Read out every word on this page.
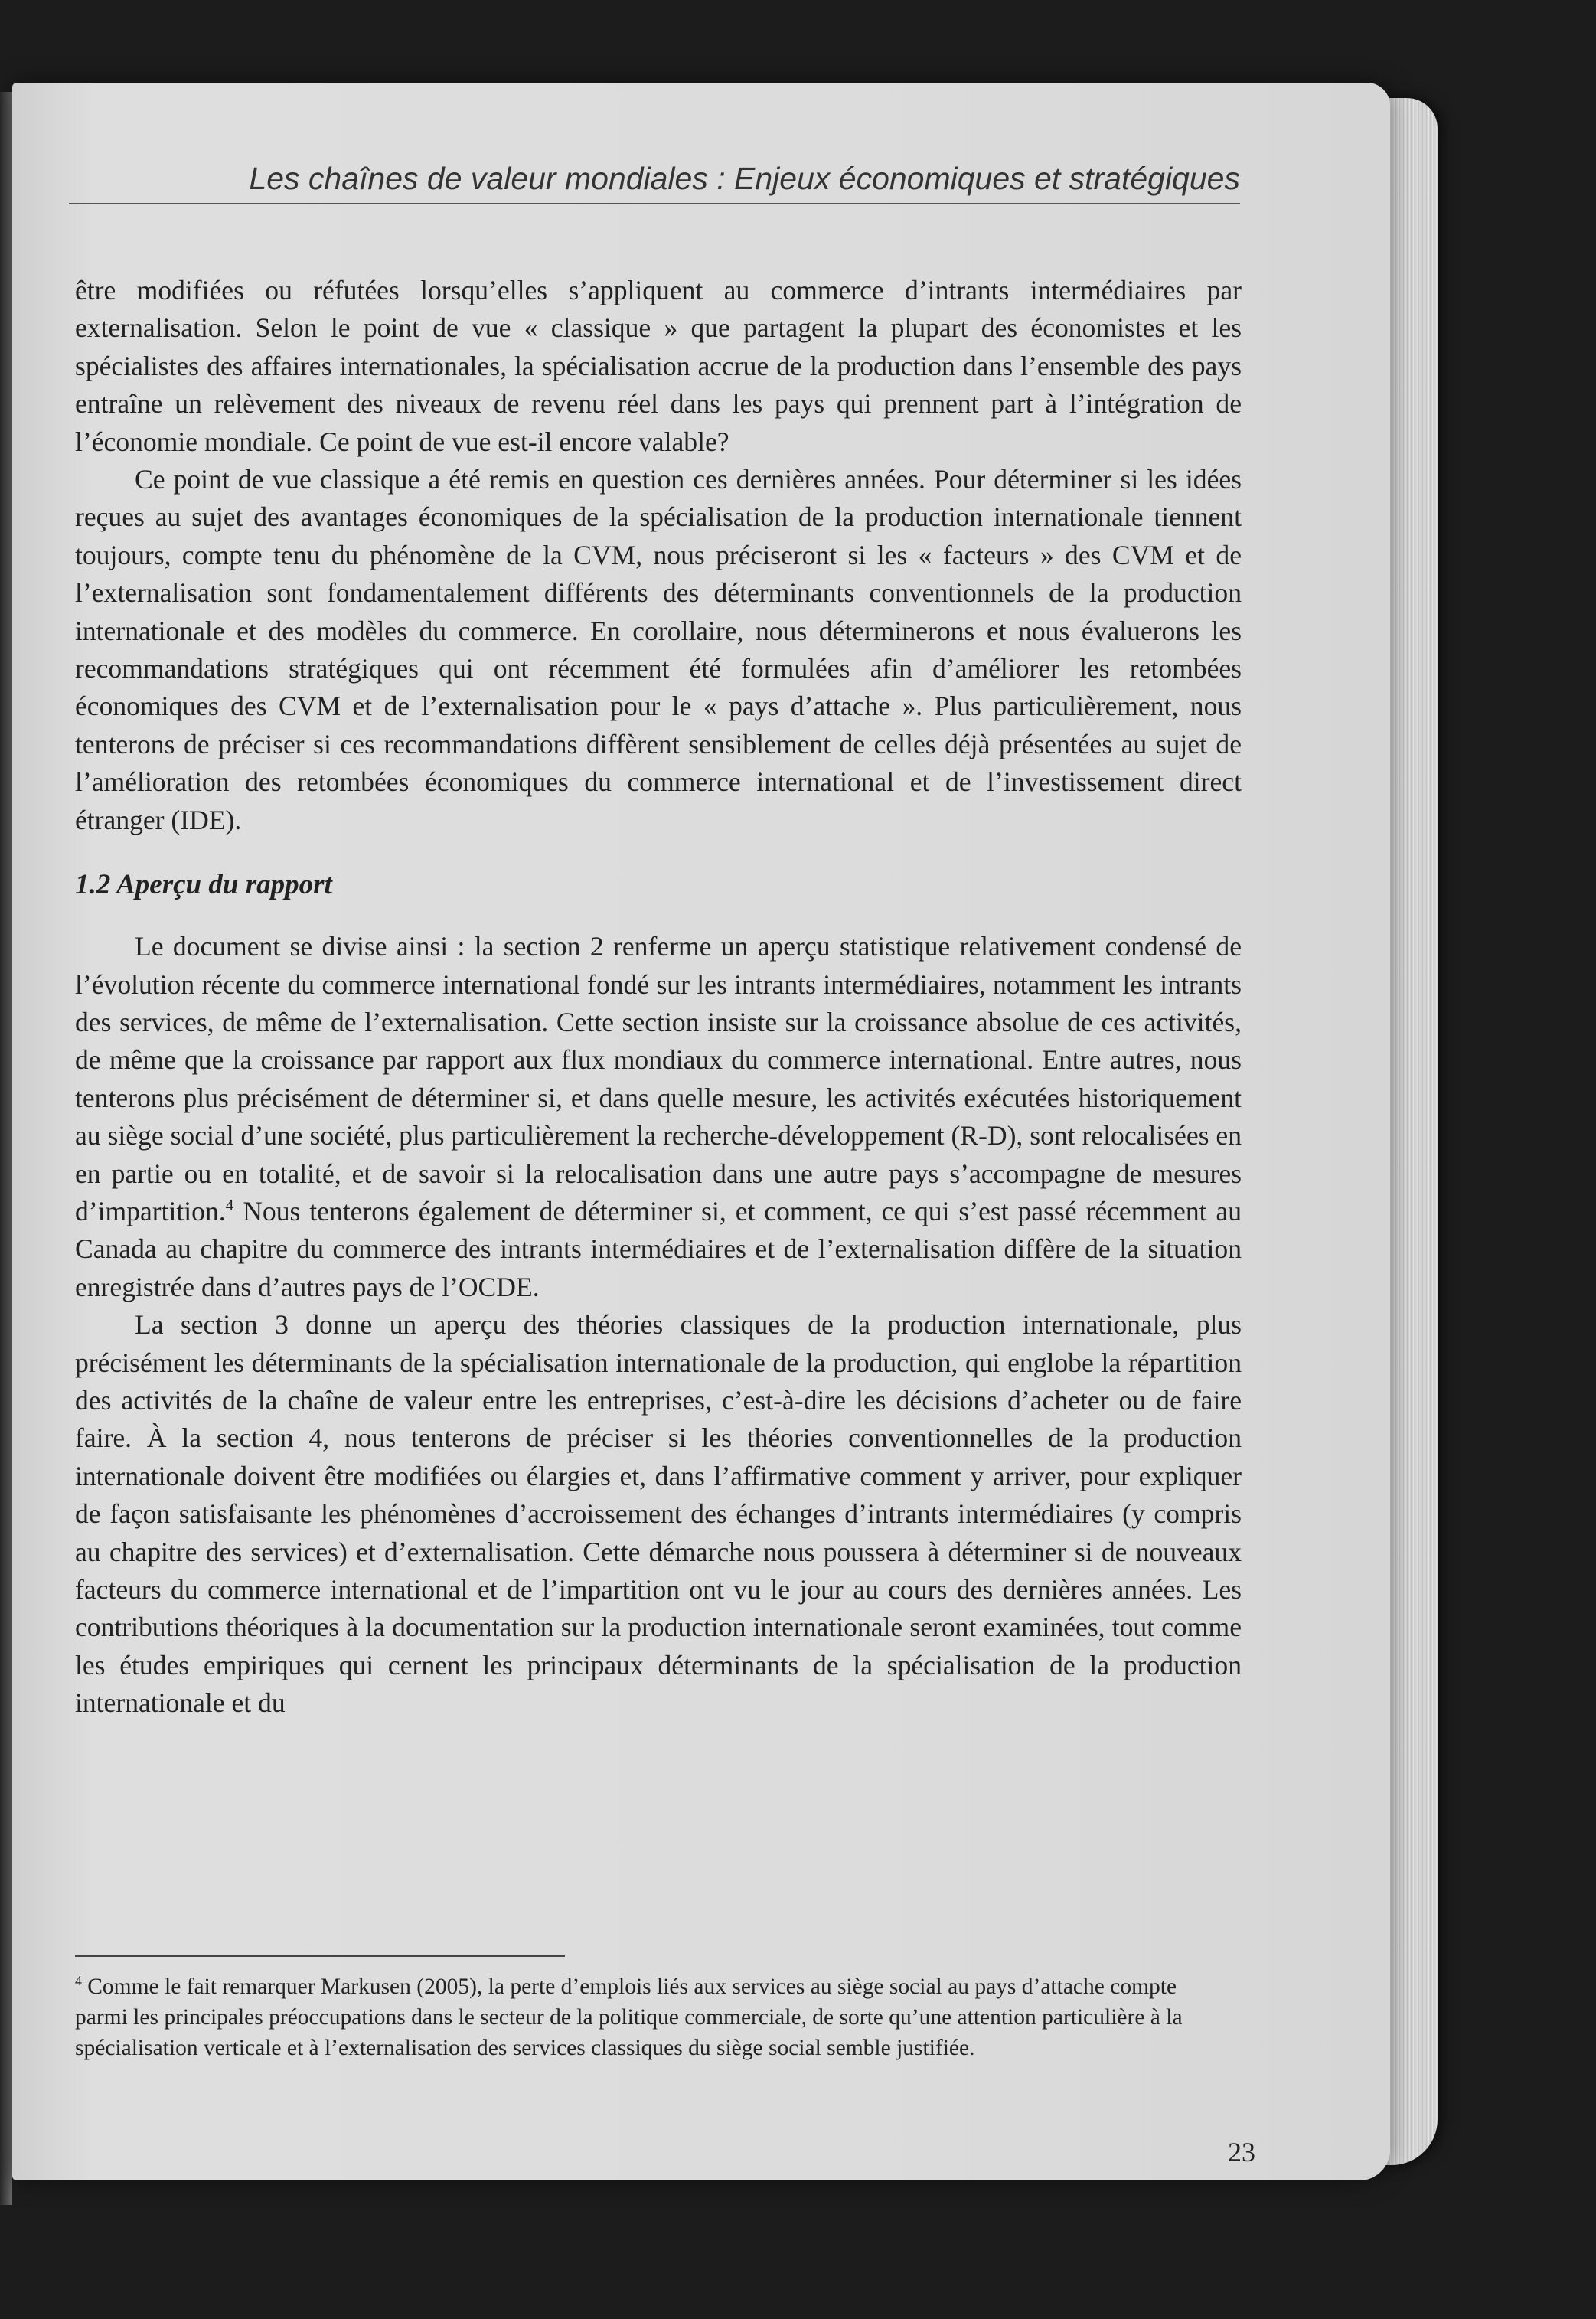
Les chaînes de valeur mondiales : Enjeux économiques et stratégiques

être modifiées ou réfutées lorsqu’elles s’appliquent au commerce d’intrants intermédiaires par externalisation. Selon le point de vue « classique » que partagent la plupart des économistes et les spécialistes des affaires internationales, la spécialisation accrue de la production dans l’ensemble des pays entraîne un relèvement des niveaux de revenu réel dans les pays qui prennent part à l’intégration de l’économie mondiale. Ce point de vue est-il encore valable?

Ce point de vue classique a été remis en question ces dernières années. Pour déterminer si les idées reçues au sujet des avantages économiques de la spécialisation de la production internationale tiennent toujours, compte tenu du phénomène de la CVM, nous préciseront si les « facteurs » des CVM et de l’externalisation sont fondamentalement différents des déterminants conventionnels de la production internationale et des modèles du commerce. En corollaire, nous déterminerons et nous évaluerons les recommandations stratégiques qui ont récemment été formulées afin d’améliorer les retombées économiques des CVM et de l’externalisation pour le « pays d’attache ». Plus particulièrement, nous tenterons de préciser si ces recommandations diffèrent sensiblement de celles déjà présentées au sujet de l’amélioration des retombées économiques du commerce international et de l’investissement direct étranger (IDE).

1.2 Aperçu du rapport

Le document se divise ainsi : la section 2 renferme un aperçu statistique relativement condensé de l’évolution récente du commerce international fondé sur les intrants intermédiaires, notamment les intrants des services, de même de l’externalisation. Cette section insiste sur la croissance absolue de ces activités, de même que la croissance par rapport aux flux mondiaux du commerce international. Entre autres, nous tenterons plus précisément de déterminer si, et dans quelle mesure, les activités exécutées historiquement au siège social d’une société, plus particulièrement la recherche-développement (R-D), sont relocalisées en en partie ou en totalité, et de savoir si la relocalisation dans une autre pays s’accompagne de mesures d’impartition.$^4$ Nous tenterons également de déterminer si, et comment, ce qui s’est passé récemment au Canada au chapitre du commerce des intrants intermédiaires et de l’externalisation diffère de la situation enregistrée dans d’autres pays de l’OCDE.

La section 3 donne un aperçu des théories classiques de la production internationale, plus précisément les déterminants de la spécialisation internationale de la production, qui englobe la répartition des activités de la chaîne de valeur entre les entreprises, c’est-à-dire les décisions d’acheter ou de faire faire. À la section 4, nous tenterons de préciser si les théories conventionnelles de la production internationale doivent être modifiées ou élargies et, dans l’affirmative comment y arriver, pour expliquer de façon satisfaisante les phénomènes d’accroissement des échanges d’intrants intermédiaires (y compris au chapitre des services) et d’externalisation. Cette démarche nous poussera à déterminer si de nouveaux facteurs du commerce international et de l’impartition ont vu le jour au cours des dernières années. Les contributions théoriques à la documentation sur la production internationale seront examinées, tout comme les études empiriques qui cernent les principaux déterminants de la spécialisation de la production internationale et du

$^4$ Comme le fait remarquer Markusen (2005), la perte d’emplois liés aux services au siège social au pays d’attache compte parmi les principales préoccupations dans le secteur de la politique commerciale, de sorte qu’une attention particulière à la spécialisation verticale et à l’externalisation des services classiques du siège social semble justifiée.
23
